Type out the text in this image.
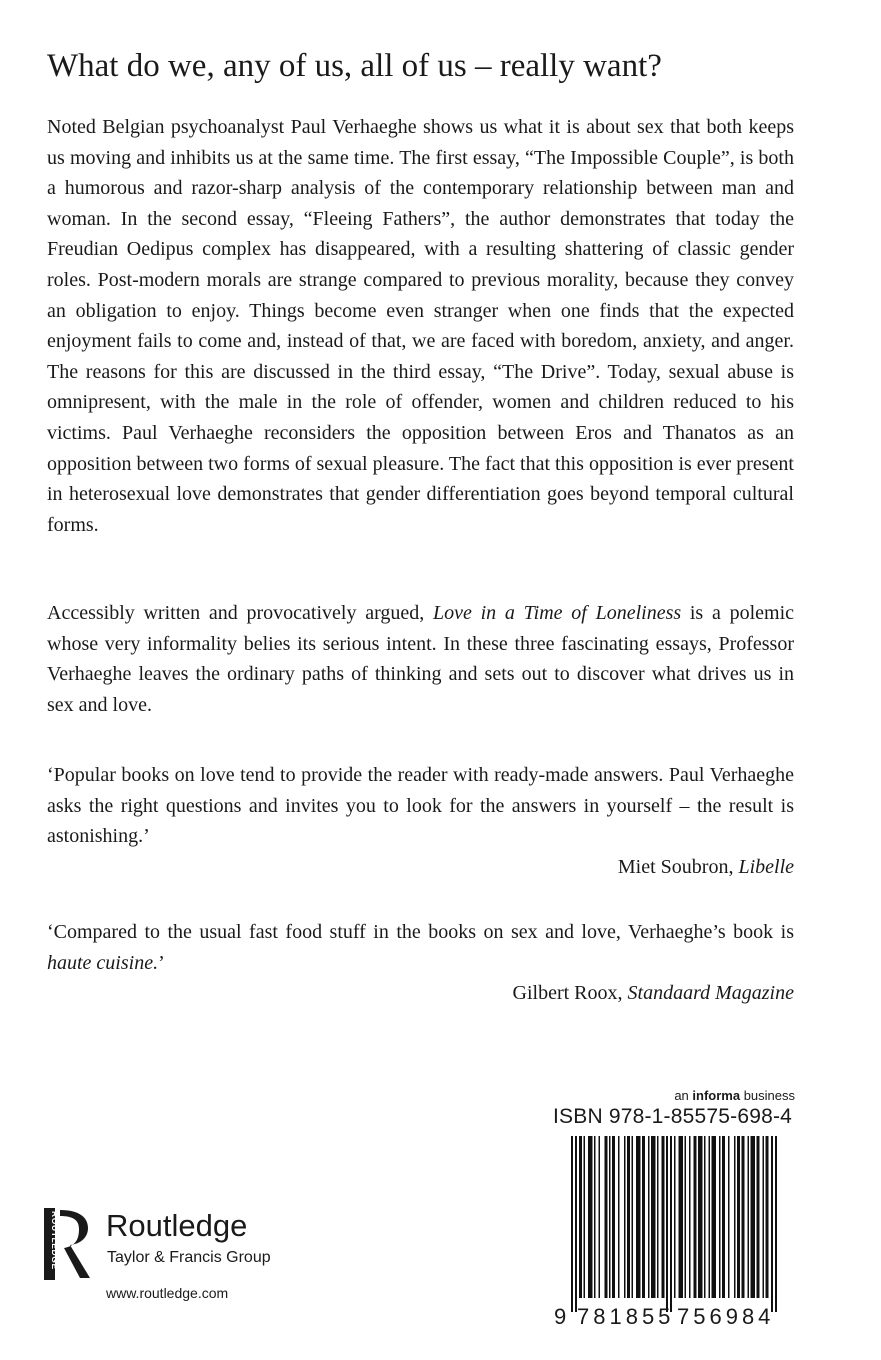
What do we, any of us, all of us – really want?

Noted Belgian psychoanalyst Paul Verhaeghe shows us what it is about sex that both keeps us moving and inhibits us at the same time. The first essay, “The Impossible Couple”, is both a humorous and razor-sharp analysis of the contemporary relationship between man and woman. In the second essay, “Fleeing Fathers”, the author demonstrates that today the Freudian Oedipus complex has disappeared, with a resulting shattering of classic gender roles. Post-modern morals are strange compared to previous morality, because they convey an obligation to enjoy. Things become even stranger when one finds that the expected enjoyment fails to come and, instead of that, we are faced with boredom, anxiety, and anger. The reasons for this are discussed in the third essay, “The Drive”. Today, sexual abuse is omnipresent, with the male in the role of offender, women and children reduced to his victims. Paul Verhaeghe reconsiders the opposition between Eros and Thanatos as an opposition between two forms of sexual pleasure. The fact that this opposition is ever present in heterosexual love demonstrates that gender differentiation goes beyond temporal cultural forms.

Accessibly written and provocatively argued, Love in a Time of Loneliness is a polemic whose very informality belies its serious intent. In these three fascinating essays, Professor Verhaeghe leaves the ordinary paths of thinking and sets out to discover what drives us in sex and love.

‘Popular books on love tend to provide the reader with ready-made answers. Paul Verhaeghe asks the right questions and invites you to look for the answers in yourself – the result is astonishing.’

Miet Soubron, Libelle

‘Compared to the usual fast food stuff in the books on sex and love, Verhaeghe’s book is haute cuisine.’

Gilbert Roox, Standaard Magazine

an informa business

ISBN 978-1-85575-698-4

9 781855 756984
ROUTLEDGE Routledge

Taylor & Francis Group

www.routledge.com
